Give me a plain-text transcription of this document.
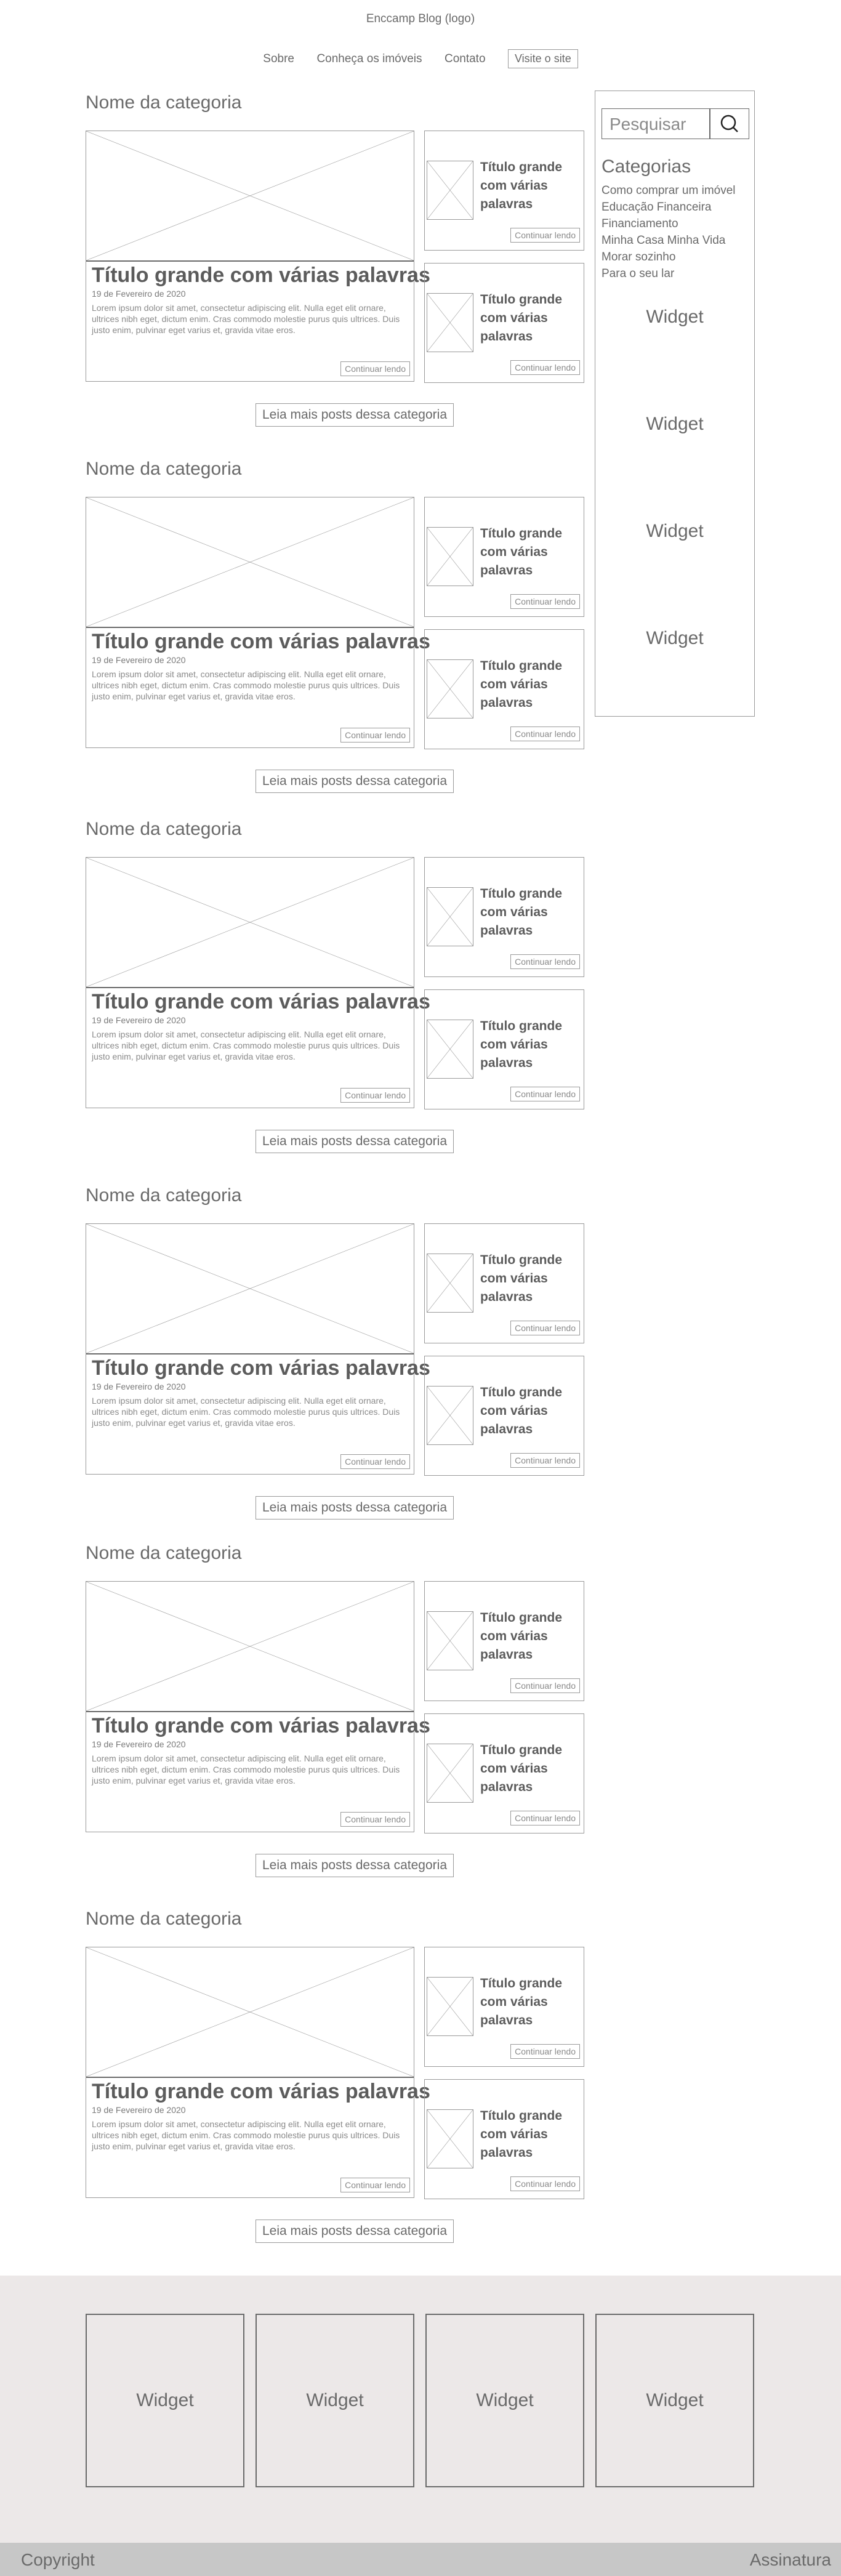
Enccamp Blog (logo)
Sobre Conheça os imóveis Contato	Visite o site
Nome da categoria
Título grande com várias palavras
19 de Fevereiro de 2020
Lorem ipsum dolor sit amet, consectetur adipiscing elit. Nulla eget elit ornare, ultrices nibh eget, dictum enim. Cras commodo molestie purus quis ultrices. Duis justo enim, pulvinar eget varius et, gravida vitae eros.
Continuar lendo
Título grande com várias palavras
Continuar lendo
Título grande com várias palavras
Continuar lendo
Leia mais posts dessa categoria
Nome da categoria
Título grande com várias palavras
19 de Fevereiro de 2020
Lorem ipsum dolor sit amet, consectetur adipiscing elit. Nulla eget elit ornare, ultrices nibh eget, dictum enim. Cras commodo molestie purus quis ultrices. Duis justo enim, pulvinar eget varius et, gravida vitae eros.
Continuar lendo
Título grande com várias palavras
Continuar lendo
Título grande com várias palavras
Continuar lendo
Leia mais posts dessa categoria
Nome da categoria
Título grande com várias palavras
19 de Fevereiro de 2020
Lorem ipsum dolor sit amet, consectetur adipiscing elit. Nulla eget elit ornare, ultrices nibh eget, dictum enim. Cras commodo molestie purus quis ultrices. Duis justo enim, pulvinar eget varius et, gravida vitae eros.
Continuar lendo
Título grande com várias palavras
Continuar lendo
Título grande com várias palavras
Continuar lendo
Leia mais posts dessa categoria
Nome da categoria
Título grande com várias palavras
19 de Fevereiro de 2020
Lorem ipsum dolor sit amet, consectetur adipiscing elit. Nulla eget elit ornare, ultrices nibh eget, dictum enim. Cras commodo molestie purus quis ultrices. Duis justo enim, pulvinar eget varius et, gravida vitae eros.
Continuar lendo
Título grande com várias palavras
Continuar lendo
Título grande com várias palavras
Continuar lendo
Leia mais posts dessa categoria
Nome da categoria
Título grande com várias palavras
19 de Fevereiro de 2020
Lorem ipsum dolor sit amet, consectetur adipiscing elit. Nulla eget elit ornare, ultrices nibh eget, dictum enim. Cras commodo molestie purus quis ultrices. Duis justo enim, pulvinar eget varius et, gravida vitae eros.
Continuar lendo
Título grande com várias palavras
Continuar lendo
Título grande com várias palavras
Continuar lendo
Leia mais posts dessa categoria
Nome da categoria
Título grande com várias palavras
19 de Fevereiro de 2020
Lorem ipsum dolor sit amet, consectetur adipiscing elit. Nulla eget elit ornare, ultrices nibh eget, dictum enim. Cras commodo molestie purus quis ultrices. Duis justo enim, pulvinar eget varius et, gravida vitae eros.
Continuar lendo
Título grande com várias palavras
Continuar lendo
Título grande com várias palavras
Continuar lendo
Leia mais posts dessa categoria
Pesquisar
Categorias
Como comprar um imóvel
Educação Financeira
Financiamento
Minha Casa Minha Vida
Morar sozinho
Para o seu lar
Widget
Widget
Widget
Widget
Widget	Widget	Widget	Widget
Copyright	Assinatura
